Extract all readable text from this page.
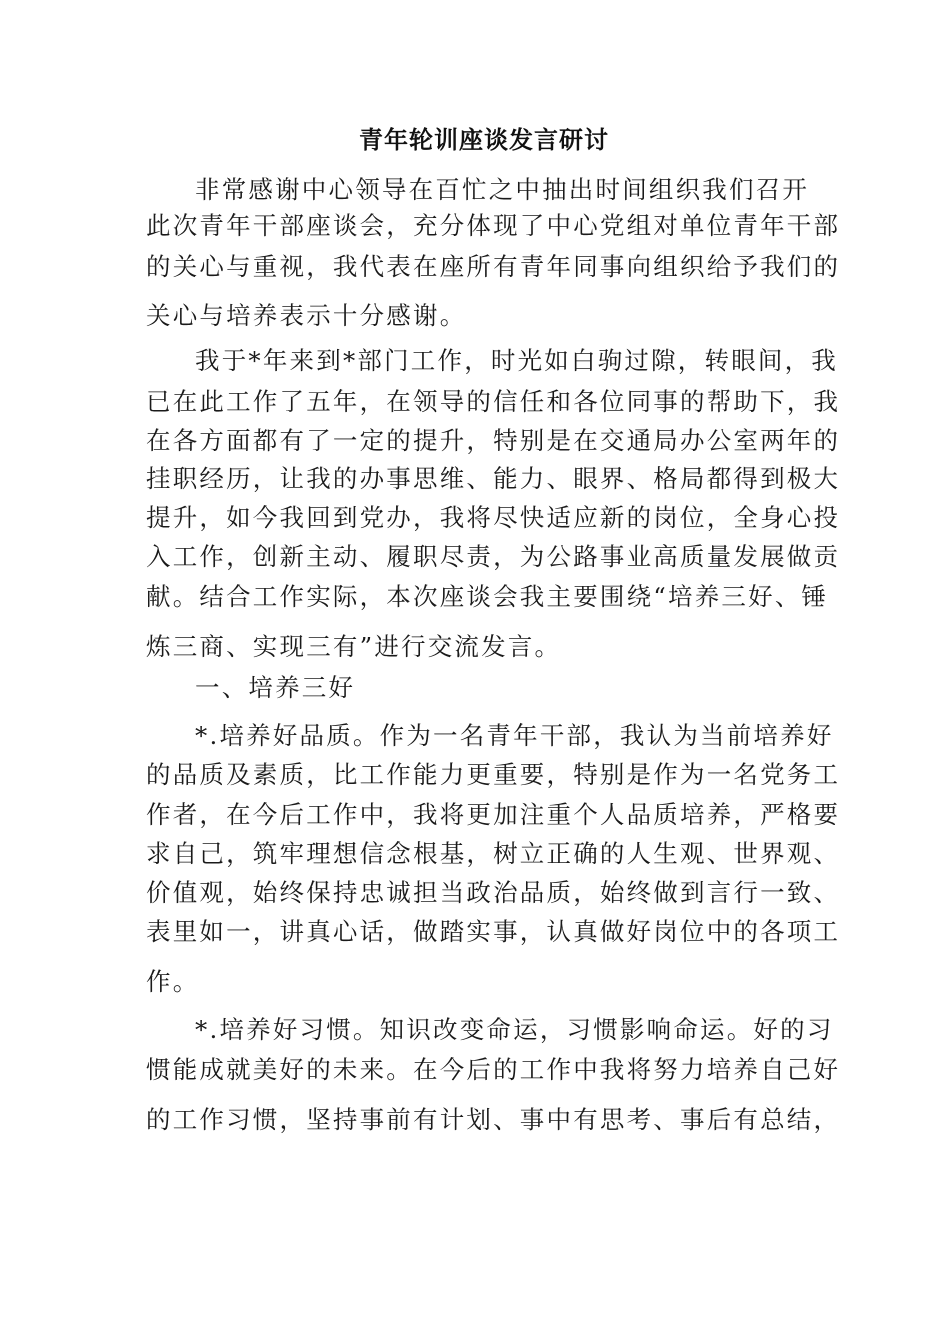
青年轮训座谈发言研讨
非常感谢中心领导在百忙之中抽出时间组织我们召开
此次青年干部座谈会，充分体现了中心党组对单位青年干部
的关心与重视，我代表在座所有青年同事向组织给予我们的
关心与培养表示十分感谢。
我于*年来到*部门工作，时光如白驹过隙，转眼间，我
已在此工作了五年，在领导的信任和各位同事的帮助下，我
在各方面都有了一定的提升，特别是在交通局办公室两年的
挂职经历，让我的办事思维、能力、眼界、格局都得到极大
提升，如今我回到党办，我将尽快适应新的岗位，全身心投
入工作，创新主动、履职尽责，为公路事业高质量发展做贡
献。结合工作实际，本次座谈会我主要围绕“培养三好、锤
炼三商、实现三有”进行交流发言。
一、培养三好
*.培养好品质。作为一名青年干部，我认为当前培养好
的品质及素质，比工作能力更重要，特别是作为一名党务工
作者，在今后工作中，我将更加注重个人品质培养，严格要
求自己，筑牢理想信念根基，树立正确的人生观、世界观、
价值观，始终保持忠诚担当政治品质，始终做到言行一致、
表里如一，讲真心话，做踏实事，认真做好岗位中的各项工
作。
*.培养好习惯。知识改变命运，习惯影响命运。好的习
惯能成就美好的未来。在今后的工作中我将努力培养自己好
的工作习惯，坚持事前有计划、事中有思考、事后有总结，
